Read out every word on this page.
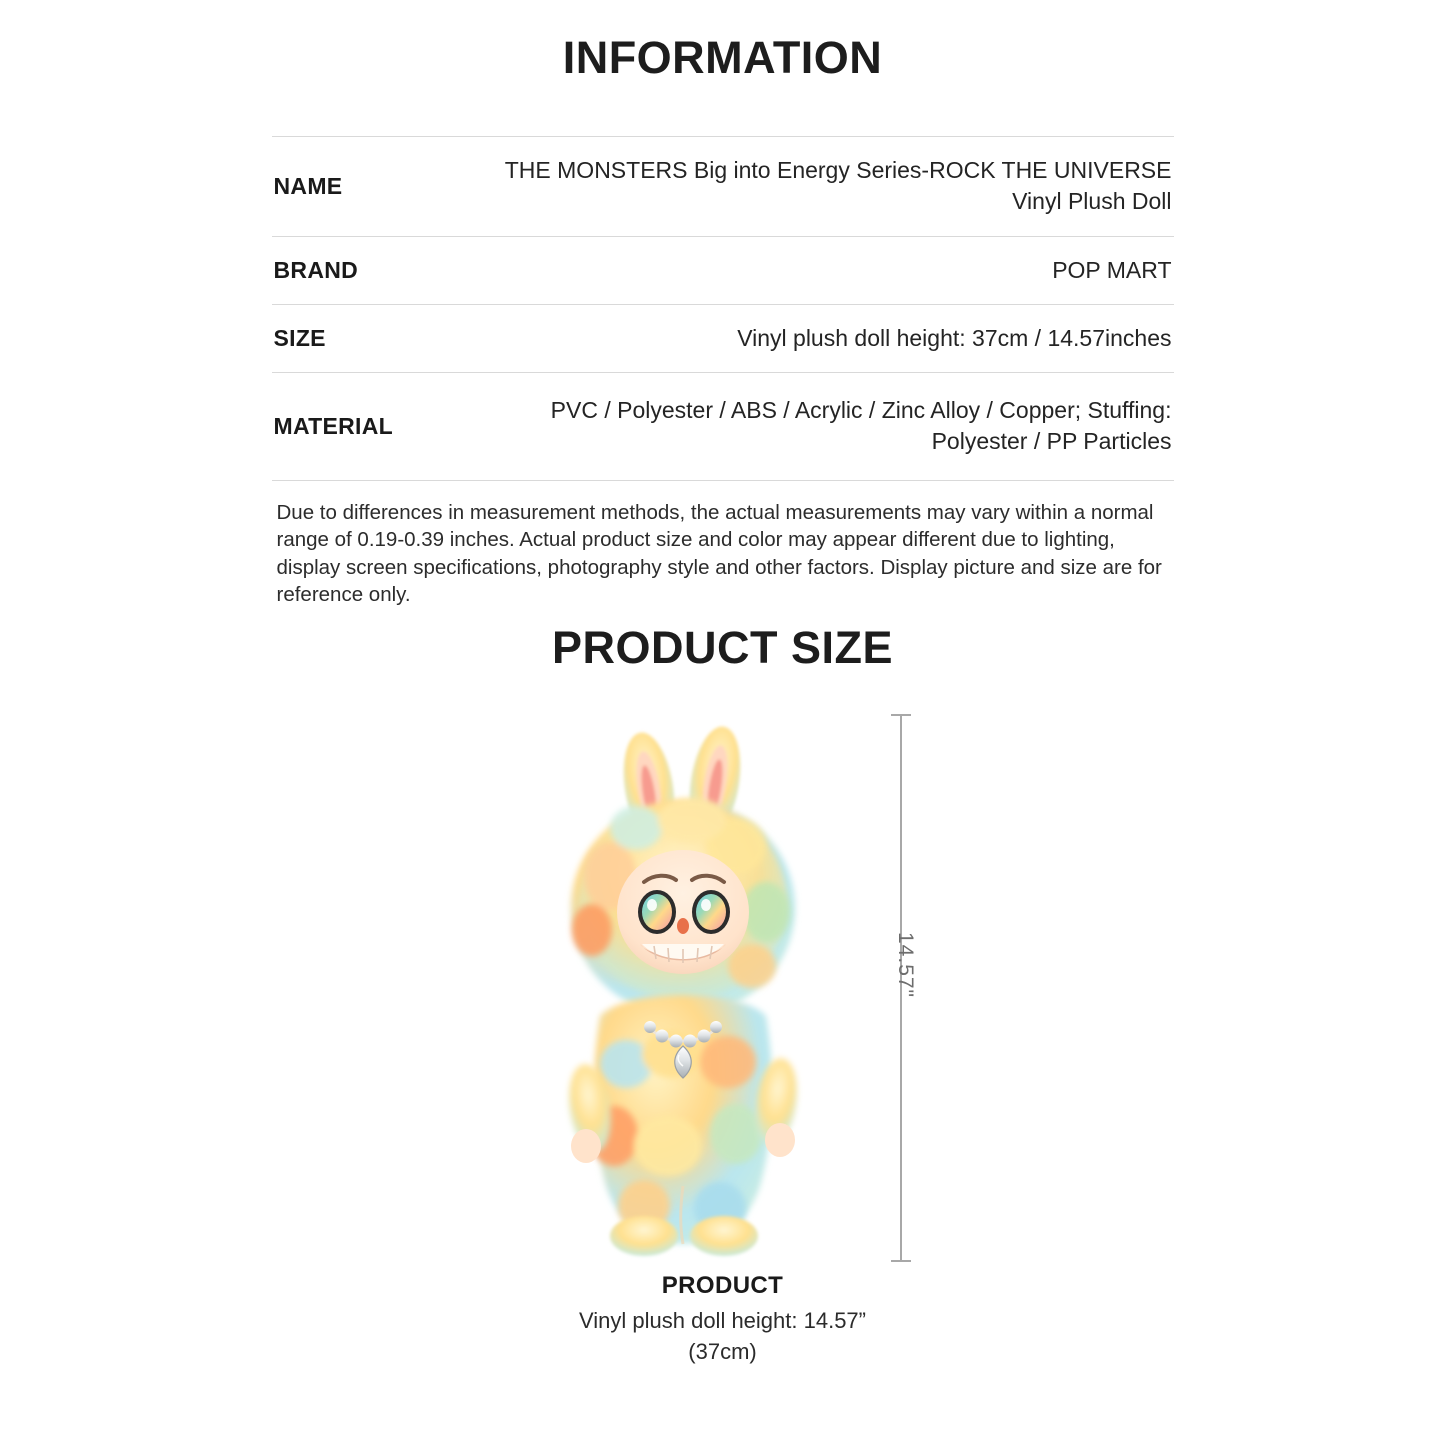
INFORMATION
NAME	THE MONSTERS Big into Energy Series-ROCK THE UNIVERSE Vinyl Plush Doll
BRAND	POP MART
SIZE	Vinyl plush doll height: 37cm / 14.57inches
MATERIAL	PVC / Polyester / ABS / Acrylic / Zinc Alloy / Copper; Stuffing: Polyester / PP Particles
Due to differences in measurement methods, the actual measurements may vary within a normal range of 0.19-0.39 inches. Actual product size and color may appear different due to lighting, display screen specifications, photography style and other factors. Display picture and size are for reference only.
PRODUCT SIZE
14.57"
PRODUCT
Vinyl plush doll height: 14.57”
(37cm)
